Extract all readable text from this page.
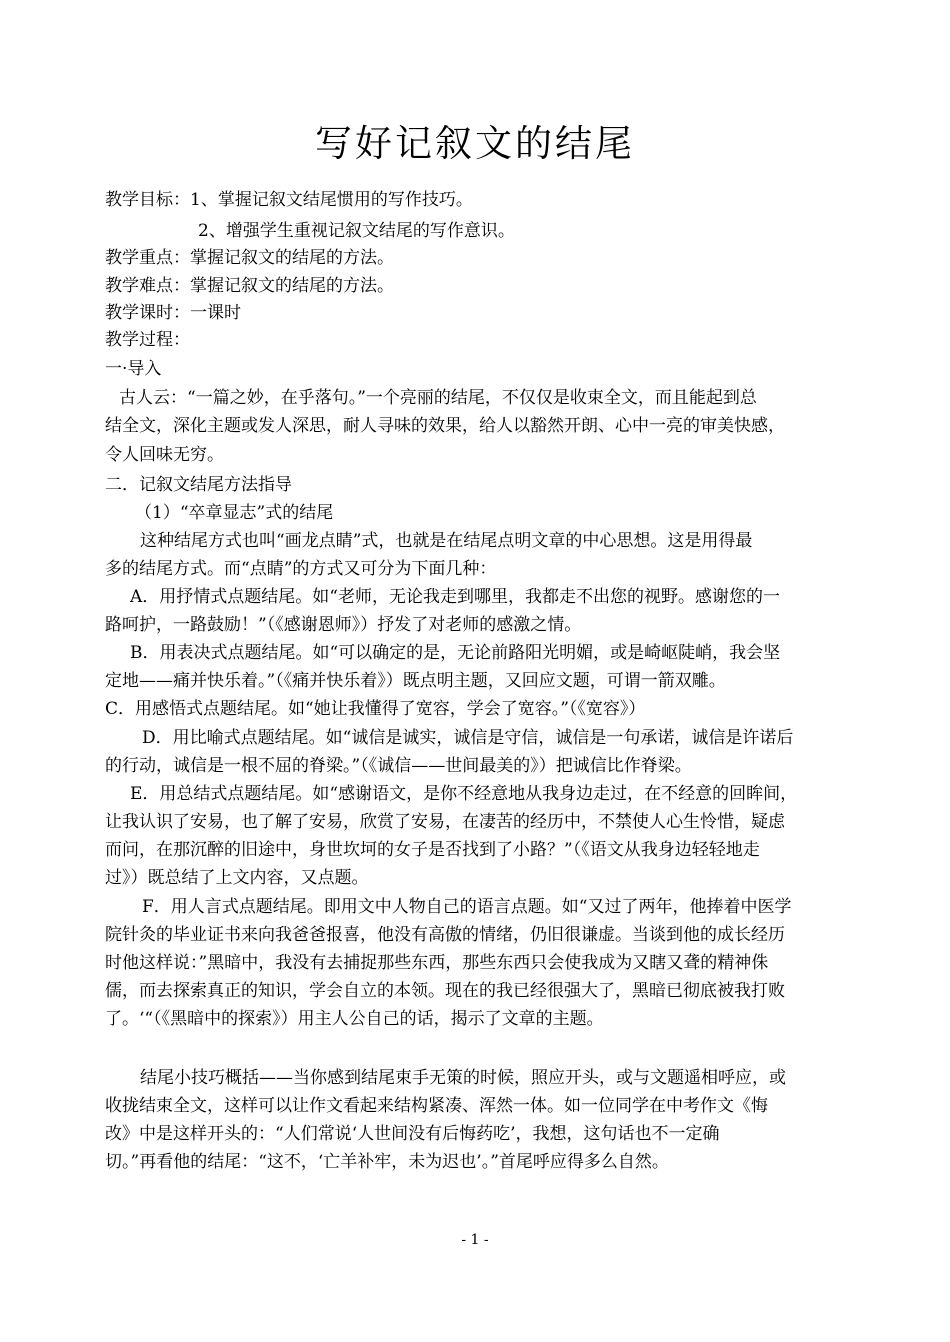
写好记叙文的结尾
教学目标：1、掌握记叙文结尾惯用的写作技巧。
2、增强学生重视记叙文结尾的写作意识。
教学重点：掌握记叙文的结尾的方法。
教学难点：掌握记叙文的结尾的方法。
教学课时：一课时
教学过程：
一·导入
古人云：“一篇之妙，在乎落句。”一个亮丽的结尾，不仅仅是收束全文，而且能起到总
结全文，深化主题或发人深思，耐人寻味的效果，给人以豁然开朗、心中一亮的审美快感，
令人回味无穷。
二．记叙文结尾方法指导
（1）“卒章显志”式的结尾
这种结尾方式也叫“画龙点睛”式，也就是在结尾点明文章的中心思想。这是用得最
多的结尾方式。而“点睛”的方式又可分为下面几种：
A．用抒情式点题结尾。如“老师，无论我走到哪里，我都走不出您的视野。感谢您的一
路呵护，一路鼓励！”（《感谢恩师》）抒发了对老师的感激之情。
B．用表决式点题结尾。如“可以确定的是，无论前路阳光明媚，或是崎岖陡峭，我会坚
定地——痛并快乐着。”（《痛并快乐着》）既点明主题，又回应文题，可谓一箭双雕。
C．用感悟式点题结尾。如“她让我懂得了宽容，学会了宽容。”（《宽容》）
D．用比喻式点题结尾。如“诚信是诚实，诚信是守信，诚信是一句承诺，诚信是许诺后
的行动，诚信是一根不屈的脊梁。”（《诚信——世间最美的》）把诚信比作脊梁。
E．用总结式点题结尾。如“感谢语文，是你不经意地从我身边走过，在不经意的回眸间，
让我认识了安易，也了解了安易，欣赏了安易，在凄苦的经历中，不禁使人心生怜惜，疑虑
而问，在那沉醉的旧途中，身世坎坷的女子是否找到了小路？”（《语文从我身边轻轻地走
过》）既总结了上文内容，又点题。
F．用人言式点题结尾。即用文中人物自己的语言点题。如“又过了两年，他捧着中医学
院针灸的毕业证书来向我爸爸报喜，他没有高傲的情绪，仍旧很谦虚。当谈到他的成长经历
时他这样说：”黑暗中，我没有去捕捉那些东西，那些东西只会使我成为又瞎又聋的精神侏
儒，而去探索真正的知识，学会自立的本领。现在的我已经很强大了，黑暗已彻底被我打败
了。‘“（《黑暗中的探索》）用主人公自己的话，揭示了文章的主题。
结尾小技巧概括——当你感到结尾束手无策的时候，照应开头，或与文题遥相呼应，或
收拢结束全文，这样可以让作文看起来结构紧凑、浑然一体。如一位同学在中考作文《悔
改》中是这样开头的：“人们常说‘人世间没有后悔药吃’，我想，这句话也不一定确
切。”再看他的结尾：“这不，‘亡羊补牢，未为迟也’。”首尾呼应得多么自然。
- 1 -
